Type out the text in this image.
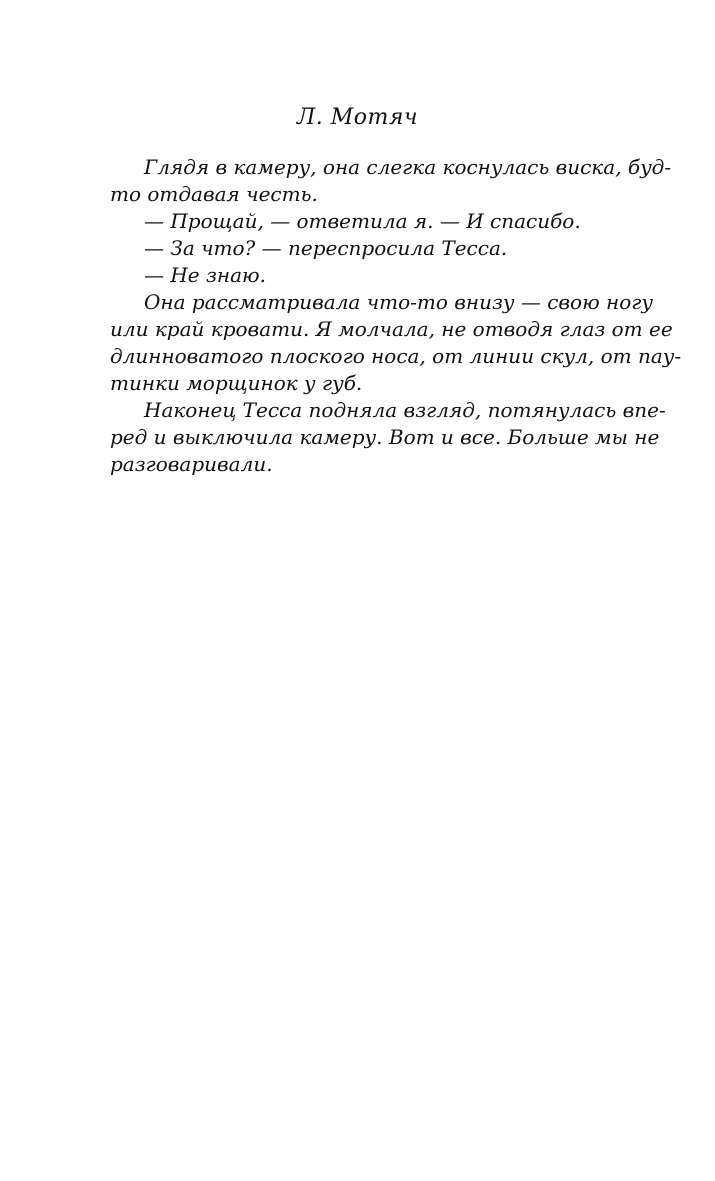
Л. Мотяч
Глядя в камеру, она слегка коснулась виска, буд-
то отдавая честь.
— Прощай, — ответила я. — И спасибо.
— За что? — переспросила Тесса.
— Не знаю.
Она рассматривала что-то внизу — свою ногу
или край кровати. Я молчала, не отводя глаз от ее
длинноватого плоского носа, от линии скул, от пау-
тинки морщинок у губ.
Наконец Тесса подняла взгляд, потянулась впе-
ред и выключила камеру. Вот и все. Больше мы не
разговаривали.
